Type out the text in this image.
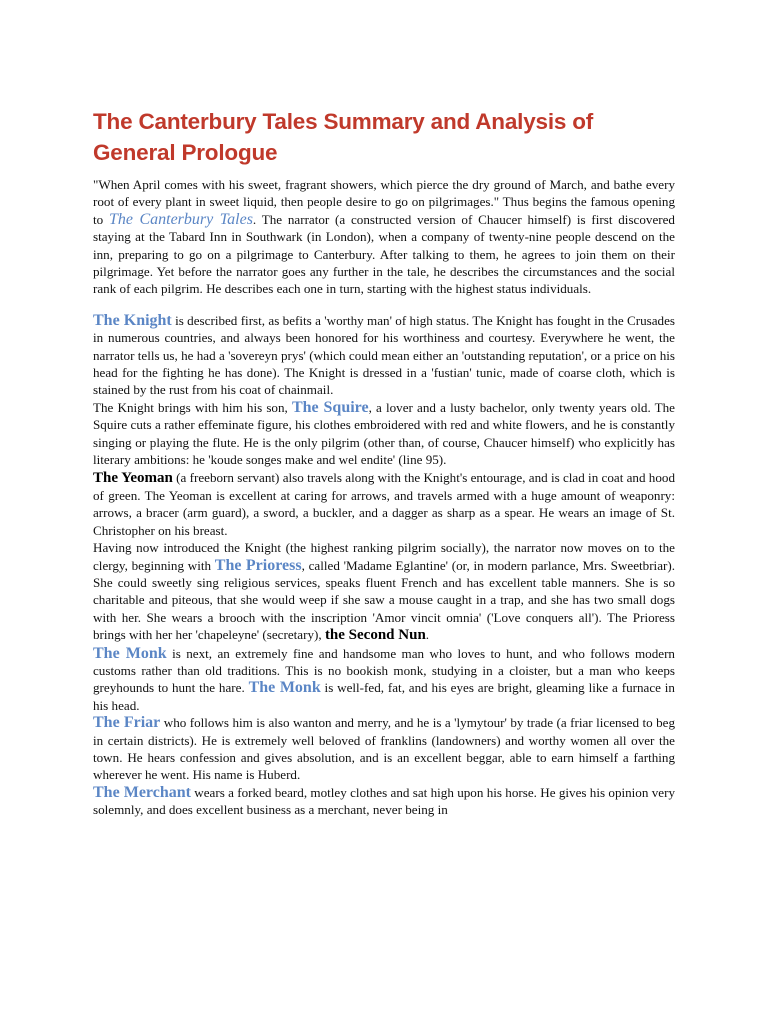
The Canterbury Tales Summary and Analysis of General Prologue

"When April comes with his sweet, fragrant showers, which pierce the dry ground of March, and bathe every root of every plant in sweet liquid, then people desire to go on pilgrimages." Thus begins the famous opening to The Canterbury Tales. The narrator (a constructed version of Chaucer himself) is first discovered staying at the Tabard Inn in Southwark (in London), when a company of twenty-nine people descend on the inn, preparing to go on a pilgrimage to Canterbury. After talking to them, he agrees to join them on their pilgrimage. Yet before the narrator goes any further in the tale, he describes the circumstances and the social rank of each pilgrim. He describes each one in turn, starting with the highest status individuals.

The Knight is described first, as befits a 'worthy man' of high status. The Knight has fought in the Crusades in numerous countries, and always been honored for his worthiness and courtesy. Everywhere he went, the narrator tells us, he had a 'sovereyn prys' (which could mean either an 'outstanding reputation', or a price on his head for the fighting he has done). The Knight is dressed in a 'fustian' tunic, made of coarse cloth, which is stained by the rust from his coat of chainmail.

The Knight brings with him his son, The Squire, a lover and a lusty bachelor, only twenty years old. The Squire cuts a rather effeminate figure, his clothes embroidered with red and white flowers, and he is constantly singing or playing the flute. He is the only pilgrim (other than, of course, Chaucer himself) who explicitly has literary ambitions: he 'koude songes make and wel endite' (line 95).

The Yeoman (a freeborn servant) also travels along with the Knight's entourage, and is clad in coat and hood of green. The Yeoman is excellent at caring for arrows, and travels armed with a huge amount of weaponry: arrows, a bracer (arm guard), a sword, a buckler, and a dagger as sharp as a spear. He wears an image of St. Christopher on his breast.

Having now introduced the Knight (the highest ranking pilgrim socially), the narrator now moves on to the clergy, beginning with The Prioress, called 'Madame Eglantine' (or, in modern parlance, Mrs. Sweetbriar). She could sweetly sing religious services, speaks fluent French and has excellent table manners. She is so charitable and piteous, that she would weep if she saw a mouse caught in a trap, and she has two small dogs with her. She wears a brooch with the inscription 'Amor vincit omnia' ('Love conquers all'). The Prioress brings with her her 'chapeleyne' (secretary), the Second Nun.

The Monk is next, an extremely fine and handsome man who loves to hunt, and who follows modern customs rather than old traditions. This is no bookish monk, studying in a cloister, but a man who keeps greyhounds to hunt the hare. The Monk is well-fed, fat, and his eyes are bright, gleaming like a furnace in his head.

The Friar who follows him is also wanton and merry, and he is a 'lymytour' by trade (a friar licensed to beg in certain districts). He is extremely well beloved of franklins (landowners) and worthy women all over the town. He hears confession and gives absolution, and is an excellent beggar, able to earn himself a farthing wherever he went. His name is Huberd.

The Merchant wears a forked beard, motley clothes and sat high upon his horse. He gives his opinion very solemnly, and does excellent business as a merchant, never being in
